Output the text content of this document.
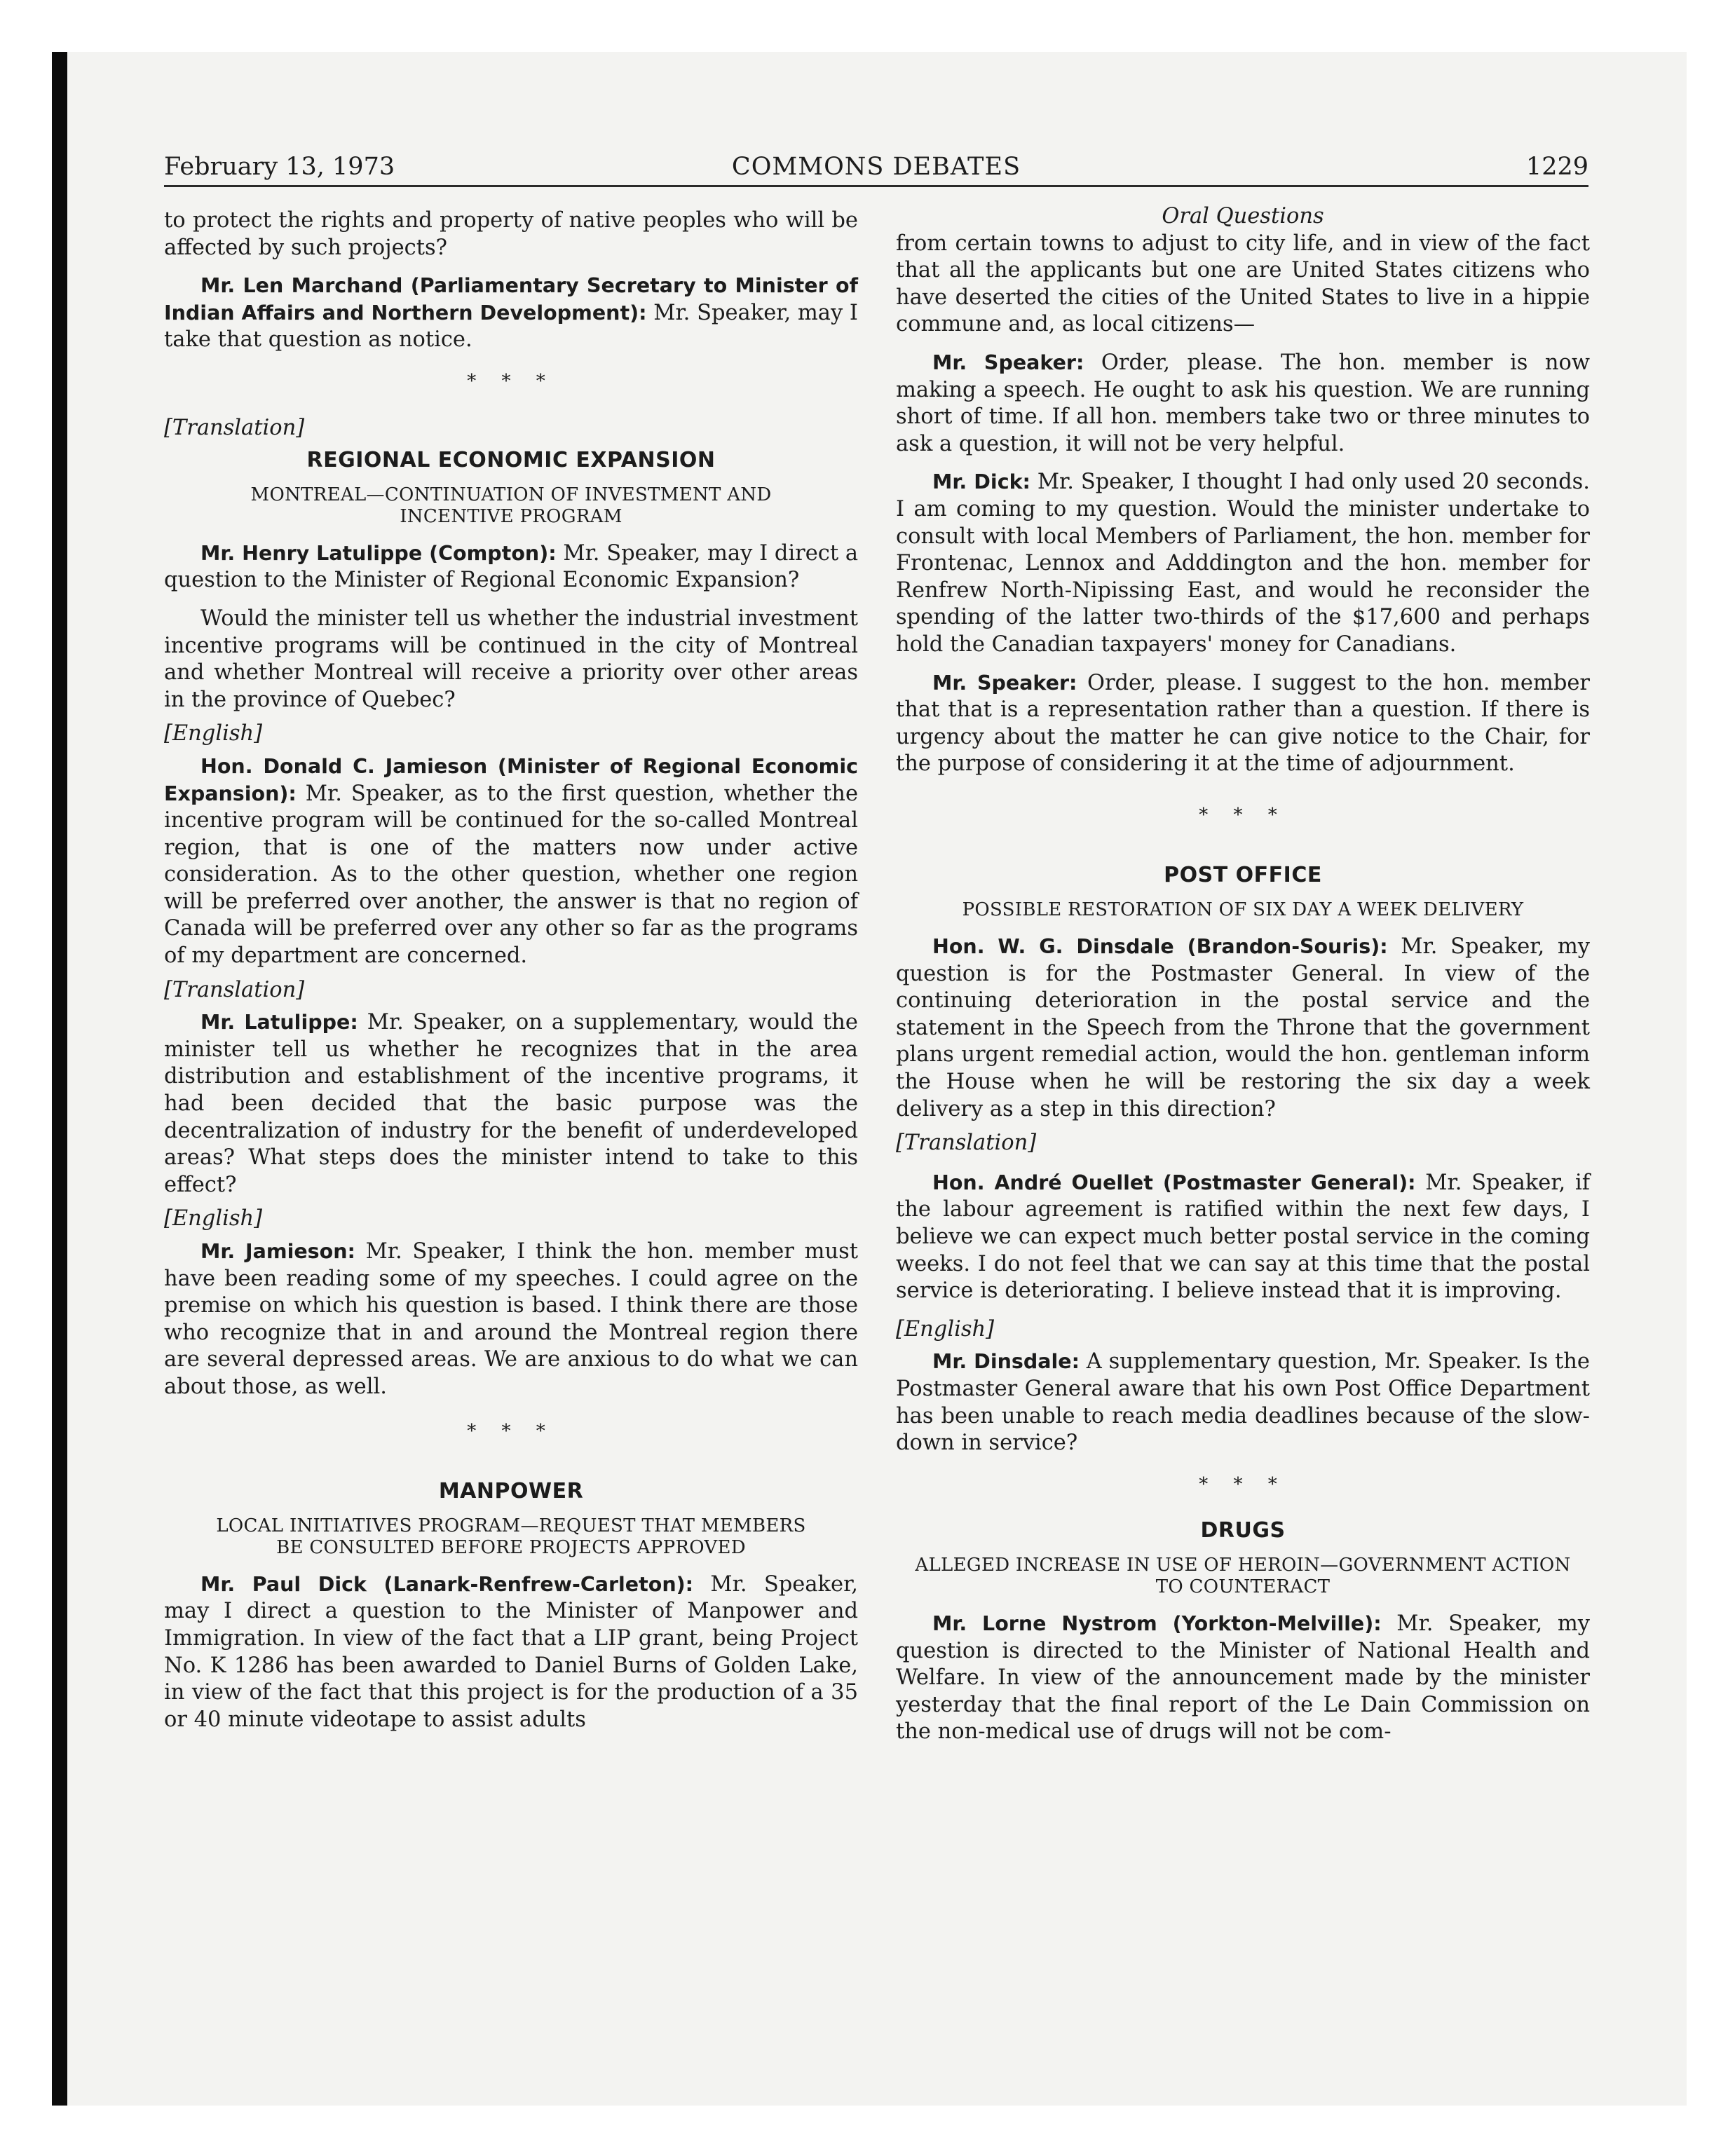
COMMONS DEBATES
February 13, 1973	1229

to protect the rights and property of native peoples who will be affected by such projects?

Mr. Len Marchand (Parliamentary Secretary to Minister of Indian Affairs and Northern Development): Mr. Speaker, may I take that question as notice.

* * *
[Translation]
REGIONAL ECONOMIC EXPANSION
MONTREAL—CONTINUATION OF INVESTMENT AND INCENTIVE PROGRAM

Mr. Henry Latulippe (Compton): Mr. Speaker, may I direct a question to the Minister of Regional Economic Expansion?

Would the minister tell us whether the industrial investment incentive programs will be continued in the city of Montreal and whether Montreal will receive a priority over other areas in the province of Quebec?

[English]

Hon. Donald C. Jamieson (Minister of Regional Economic Expansion): Mr. Speaker, as to the first question, whether the incentive program will be continued for the so-called Montreal region, that is one of the matters now under active consideration. As to the other question, whether one region will be preferred over another, the answer is that no region of Canada will be preferred over any other so far as the programs of my department are concerned.

[Translation]

Mr. Latulippe: Mr. Speaker, on a supplementary, would the minister tell us whether he recognizes that in the area distribution and establishment of the incentive programs, it had been decided that the basic purpose was the decentralization of industry for the benefit of underdeveloped areas? What steps does the minister intend to take to this effect?

[English]

Mr. Jamieson: Mr. Speaker, I think the hon. member must have been reading some of my speeches. I could agree on the premise on which his question is based. I think there are those who recognize that in and around the Montreal region there are several depressed areas. We are anxious to do what we can about those, as well.

* * *
MANPOWER
LOCAL INITIATIVES PROGRAM—REQUEST THAT MEMBERS BE CONSULTED BEFORE PROJECTS APPROVED

Mr. Paul Dick (Lanark-Renfrew-Carleton): Mr. Speaker, may I direct a question to the Minister of Manpower and Immigration. In view of the fact that a LIP grant, being Project No. K 1286 has been awarded to Daniel Burns of Golden Lake, in view of the fact that this project is for the production of a 35 or 40 minute videotape to assist adults

Oral Questions

from certain towns to adjust to city life, and in view of the fact that all the applicants but one are United States citizens who have deserted the cities of the United States to live in a hippie commune and, as local citizens—

Mr. Speaker: Order, please. The hon. member is now making a speech. He ought to ask his question. We are running short of time. If all hon. members take two or three minutes to ask a question, it will not be very helpful.

Mr. Dick: Mr. Speaker, I thought I had only used 20 seconds. I am coming to my question. Would the minister undertake to consult with local Members of Parliament, the hon. member for Frontenac, Lennox and Adddington and the hon. member for Renfrew North-Nipissing East, and would he reconsider the spending of the latter two-thirds of the $17,600 and perhaps hold the Canadian taxpayers' money for Canadians.

Mr. Speaker: Order, please. I suggest to the hon. member that that is a representation rather than a question. If there is urgency about the matter he can give notice to the Chair, for the purpose of considering it at the time of adjournment.

* * *
POST OFFICE
POSSIBLE RESTORATION OF SIX DAY A WEEK DELIVERY

Hon. W. G. Dinsdale (Brandon-Souris): Mr. Speaker, my question is for the Postmaster General. In view of the continuing deterioration in the postal service and the statement in the Speech from the Throne that the government plans urgent remedial action, would the hon. gentleman inform the House when he will be restoring the six day a week delivery as a step in this direction?

[Translation]

Hon. André Ouellet (Postmaster General): Mr. Speaker, if the labour agreement is ratified within the next few days, I believe we can expect much better postal service in the coming weeks. I do not feel that we can say at this time that the postal service is deteriorating. I believe instead that it is improving.

[English]

Mr. Dinsdale: A supplementary question, Mr. Speaker. Is the Postmaster General aware that his own Post Office Department has been unable to reach media deadlines because of the slow-down in service?

* * *
DRUGS
ALLEGED INCREASE IN USE OF HEROIN—GOVERNMENT ACTION TO COUNTERACT

Mr. Lorne Nystrom (Yorkton-Melville): Mr. Speaker, my question is directed to the Minister of National Health and Welfare. In view of the announcement made by the minister yesterday that the final report of the Le Dain Commission on the non-medical use of drugs will not be com-
